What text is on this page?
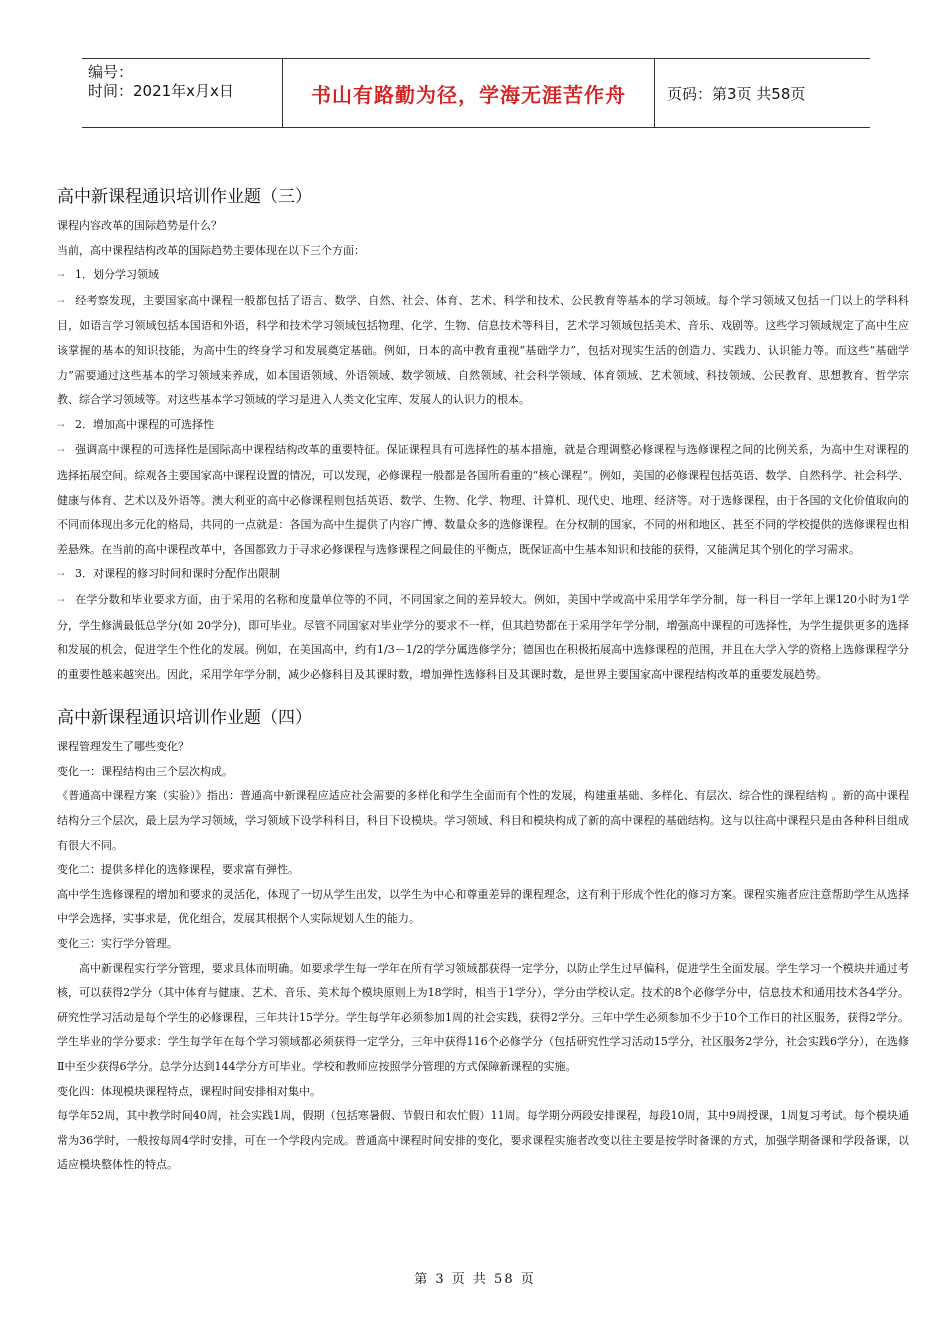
编号：
时间：2021年x月x日	书山有路勤为径，学海无涯苦作舟	页码：第3页 共58页
高中新课程通识培训作业题（三）

课程内容改革的国际趋势是什么？

当前，高中课程结构改革的国际趋势主要体现在以下三个方面：

⇢ 1．划分学习领域

⇢ 经考察发现，主要国家高中课程一般都包括了语言、数学、自然、社会、体育、艺术、科学和技术、公民教育等基本的学习领域。每个学习领域又包括一门以上的学科科目，如语言学习领域包括本国语和外语，科学和技术学习领域包括物理、化学、生物、信息技术等科目，艺术学习领域包括美术、音乐、戏剧等。这些学习领域规定了高中生应该掌握的基本的知识技能，为高中生的终身学习和发展奠定基础。例如，日本的高中教育重视“基础学力”，包括对现实生活的创造力、实践力、认识能力等。而这些“基础学力”需要通过这些基本的学习领域来养成，如本国语领域、外语领域、数学领域、自然领域、社会科学领域、体育领域、艺术领域、科技领域、公民教育、思想教育、哲学宗教、综合学习领域等。对这些基本学习领域的学习是进入人类文化宝库、发展人的认识力的根本。

⇢ 2．增加高中课程的可选择性

⇢ 强调高中课程的可选择性是国际高中课程结构改革的重要特征。保证课程具有可选择性的基本措施，就是合理调整必修课程与选修课程之间的比例关系，为高中生对课程的选择拓展空间。综观各主要国家高中课程设置的情况，可以发现，必修课程一般都是各国所看重的“核心课程”。例如，美国的必修课程包括英语、数学、自然科学、社会科学、健康与体育、艺术以及外语等。澳大利亚的高中必修课程则包括英语、数学、生物、化学、物理、计算机、现代史、地理、经济等。对于选修课程，由于各国的文化价值取向的不同而体现出多元化的格局，共同的一点就是：各国为高中生提供了内容广博、数量众多的选修课程。在分权制的国家，不同的州和地区、甚至不同的学校提供的选修课程也相差悬殊。在当前的高中课程改革中，各国都致力于寻求必修课程与选修课程之间最佳的平衡点，既保证高中生基本知识和技能的获得，又能满足其个别化的学习需求。

⇢ 3．对课程的修习时间和课时分配作出限制

⇢ 在学分数和毕业要求方面，由于采用的名称和度量单位等的不同，不同国家之间的差异较大。例如，美国中学或高中采用学年学分制，每一科目一学年上课120小时为1学分，学生修满最低总学分(如 20学分)，即可毕业。尽管不同国家对毕业学分的要求不一样，但其趋势都在于采用学年学分制，增强高中课程的可选择性，为学生提供更多的选择和发展的机会，促进学生个性化的发展。例如，在美国高中，约有1/3－1/2的学分属选修学分；德国也在积极拓展高中选修课程的范围，并且在大学入学的资格上选修课程学分的重要性越来越突出。因此，采用学年学分制，减少必修科目及其课时数，增加弹性选修科目及其课时数，是世界主要国家高中课程结构改革的重要发展趋势。

高中新课程通识培训作业题（四）

课程管理发生了哪些变化？

变化一：课程结构由三个层次构成。

《普通高中课程方案（实验）》指出：普通高中新课程应适应社会需要的多样化和学生全面而有个性的发展，构建重基础、多样化、有层次、综合性的课程结构 。新的高中课程结构分三个层次，最上层为学习领域，学习领域下设学科科目，科目下设模块。学习领域、科目和模块构成了新的高中课程的基础结构。这与以往高中课程只是由各种科目组成有很大不同。

变化二：提供多样化的选修课程，要求富有弹性。

高中学生选修课程的增加和要求的灵活化，体现了一切从学生出发，以学生为中心和尊重差异的课程理念，这有利于形成个性化的修习方案。课程实施者应注意帮助学生从选择中学会选择，实事求是，优化组合，发展其根据个人实际规划人生的能力。

变化三：实行学分管理。

高中新课程实行学分管理，要求具体而明确。如要求学生每一学年在所有学习领域都获得一定学分，以防止学生过早偏科，促进学生全面发展。学生学习一个模块并通过考核，可以获得2学分（其中体育与健康、艺术、音乐、美术每个模块原则上为18学时，相当于1学分），学分由学校认定。技术的8个必修学分中，信息技术和通用技术各4学分。研究性学习活动是每个学生的必修课程，三年共计15学分。学生每学年必须参加1周的社会实践，获得2学分。三年中学生必须参加不少于10个工作日的社区服务，获得2学分。学生毕业的学分要求：学生每学年在每个学习领域都必须获得一定学分，三年中获得116个必修学分（包括研究性学习活动15学分，社区服务2学分，社会实践6学分），在选修Ⅱ中至少获得6学分。总学分达到144学分方可毕业。学校和教师应按照学分管理的方式保障新课程的实施。

变化四：体现模块课程特点，课程时间安排相对集中。

每学年52周，其中教学时间40周，社会实践1周，假期（包括寒暑假、节假日和农忙假）11周。每学期分两段安排课程，每段10周，其中9周授课，1周复习考试。每个模块通常为36学时，一般按每周4学时安排，可在一个学段内完成。普通高中课程时间安排的变化，要求课程实施者改变以往主要是按学时备课的方式，加强学期备课和学段备课，以适应模块整体性的特点。

第 3 页 共 58 页
